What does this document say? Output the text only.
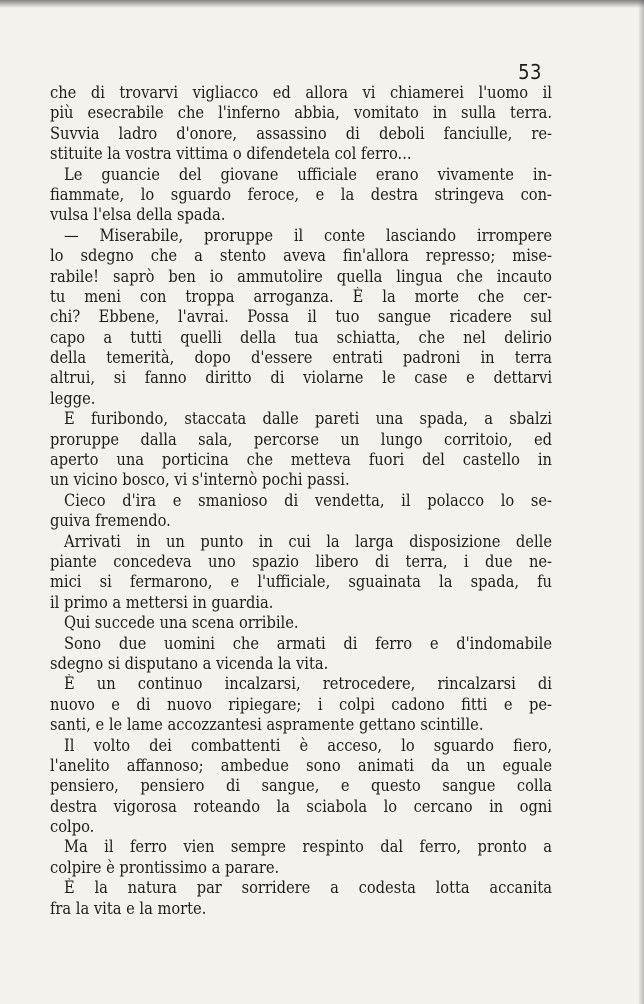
53
che di trovarvi vigliacco ed allora vi chiamerei l'uomo il
più esecrabile che l'inferno abbia, vomitato in sulla terra.
Suvvia ladro d'onore, assassino di deboli fanciulle, re-
stituite la vostra vittima o difendetela col ferro...
Le guancie del giovane ufficiale erano vivamente in-
fiammate, lo sguardo feroce, e la destra stringeva con-
vulsa l'elsa della spada.
— Miserabile, proruppe il conte lasciando irrompere
lo sdegno che a stento aveva fin'allora represso; mise-
rabile! saprò ben io ammutolire quella lingua che incauto
tu meni con troppa arroganza. È la morte che cer-
chi? Ebbene, l'avrai. Possa il tuo sangue ricadere sul
capo a tutti quelli della tua schiatta, che nel delirio
della temerità, dopo d'essere entrati padroni in terra
altrui, si fanno diritto di violarne le case e dettarvi
legge.
E furibondo, staccata dalle pareti una spada, a sbalzi
proruppe dalla sala, percorse un lungo corritoio, ed
aperto una porticina che metteva fuori del castello in
un vicino bosco, vi s'internò pochi passi.
Cieco d'ira e smanioso di vendetta, il polacco lo se-
guiva fremendo.
Arrivati in un punto in cui la larga disposizione delle
piante concedeva uno spazio libero di terra, i due ne-
mici si fermarono, e l'ufficiale, sguainata la spada, fu
il primo a mettersi in guardia.
Qui succede una scena orribile.
Sono due uomini che armati di ferro e d'indomabile
sdegno si disputano a vicenda la vita.
È un continuo incalzarsi, retrocedere, rincalzarsi di
nuovo e di nuovo ripiegare; i colpi cadono fitti e pe-
santi, e le lame accozzantesi aspramente gettano scintille.
Il volto dei combattenti è acceso, lo sguardo fiero,
l'anelito affannoso; ambedue sono animati da un eguale
pensiero, pensiero di sangue, e questo sangue colla
destra vigorosa roteando la sciabola lo cercano in ogni
colpo.
Ma il ferro vien sempre respinto dal ferro, pronto a
colpire è prontissimo a parare.
È la natura par sorridere a codesta lotta accanita
fra la vita e la morte.
